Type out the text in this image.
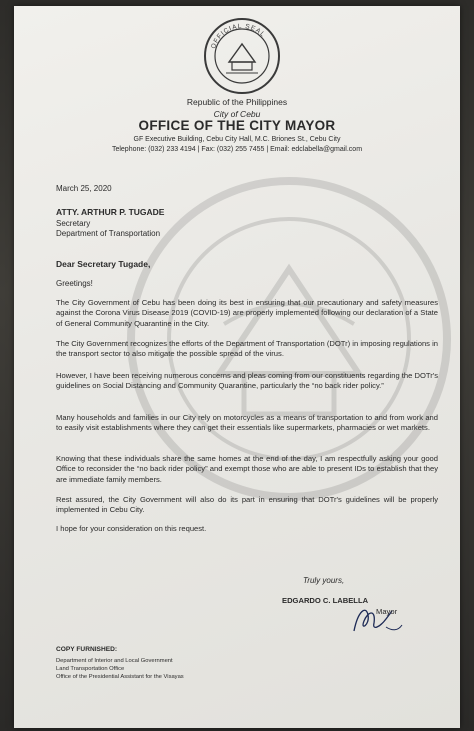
OFFICIAL SEAL
Republic of the Philippines
City of Cebu
OFFICE OF THE CITY MAYOR
GF Executive Building, Cebu City Hall, M.C. Briones St., Cebu City
Telephone: (032) 233 4194 | Fax: (032) 255 7455 | Email: edclabella@gmail.com
March 25, 2020
ATTY. ARTHUR P. TUGADE
Secretary
Department of Transportation
Dear Secretary Tugade,
Greetings!

The City Government of Cebu has been doing its best in ensuring that our precautionary and safety measures against the Corona Virus Disease 2019 (COVID-19) are properly implemented following our declaration of a State of General Community Quarantine in the City.

The City Government recognizes the efforts of the Department of Transportation (DOTr) in imposing regulations in the transport sector to also mitigate the possible spread of the virus.

However, I have been receiving numerous concerns and pleas coming from our constituents regarding the DOTr's guidelines on Social Distancing and Community Quarantine, particularly the “no back rider policy.”

Many households and families in our City rely on motorcycles as a means of transportation to and from work and to easily visit establishments where they can get their essentials like supermarkets, pharmacies or wet markets.

Knowing that these individuals share the same homes at the end of the day, I am respectfully asking your good Office to reconsider the “no back rider policy” and exempt those who are able to present IDs to establish that they are immediate family members.

Rest assured, the City Government will also do its part in ensuring that DOTr's guidelines will be properly implemented in Cebu City.

I hope for your consideration on this request.

Truly yours,
EDGARDO C. LABELLA
Mayor
COPY FURNISHED:
Department of Interior and Local Government
Land Transportation Office
Office of the Presidential Assistant for the Visayas
